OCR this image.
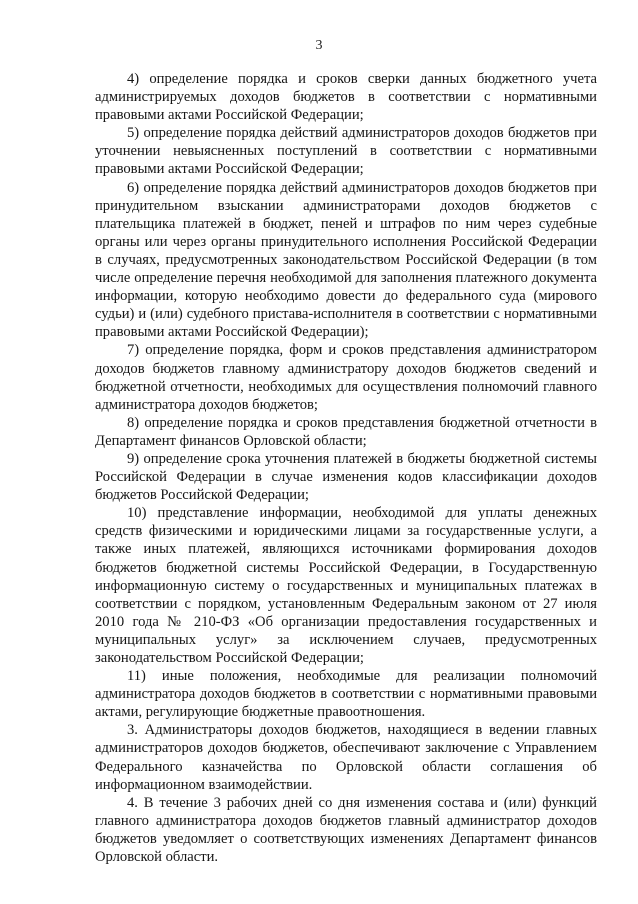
3

4) определение порядка и сроков сверки данных бюджетного учета администрируемых доходов бюджетов в соответствии с нормативными правовыми актами Российской Федерации;

5) определение порядка действий администраторов доходов бюджетов при уточнении невыясненных поступлений в соответствии с нормативными правовыми актами Российской Федерации;

6) определение порядка действий администраторов доходов бюджетов при принудительном взыскании администраторами доходов бюджетов с плательщика платежей в бюджет, пеней и штрафов по ним через судебные органы или через органы принудительного исполнения Российской Федерации в случаях, предусмотренных законодательством Российской Федерации (в том числе определение перечня необходимой для заполнения платежного документа информации, которую необходимо довести до федерального суда (мирового судьи) и (или) судебного пристава-исполнителя в соответствии с нормативными правовыми актами Российской Федерации);

7) определение порядка, форм и сроков представления администратором доходов бюджетов главному администратору доходов бюджетов сведений и бюджетной отчетности, необходимых для осуществления полномочий главного администратора доходов бюджетов;

8) определение порядка и сроков представления бюджетной отчетности в Департамент финансов Орловской области;

9) определение срока уточнения платежей в бюджеты бюджетной системы Российской Федерации в случае изменения кодов классификации доходов бюджетов Российской Федерации;

10) представление информации, необходимой для уплаты денежных средств физическими и юридическими лицами за государственные услуги, а также иных платежей, являющихся источниками формирования доходов бюджетов бюджетной системы Российской Федерации, в Государственную информационную систему о государственных и муниципальных платежах в соответствии с порядком, установленным Федеральным законом от 27 июля 2010 года № 210-ФЗ «Об организации предоставления государственных и муниципальных услуг» за исключением случаев, предусмотренных законодательством Российской Федерации;

11) иные положения, необходимые для реализации полномочий администратора доходов бюджетов в соответствии с нормативными правовыми актами, регулирующие бюджетные правоотношения.

3. Администраторы доходов бюджетов, находящиеся в ведении главных администраторов доходов бюджетов, обеспечивают заключение с Управлением Федерального казначейства по Орловской области соглашения об информационном взаимодействии.

4. В течение 3 рабочих дней со дня изменения состава и (или) функций главного администратора доходов бюджетов главный администратор доходов бюджетов уведомляет о соответствующих изменениях Департамент финансов Орловской области.
